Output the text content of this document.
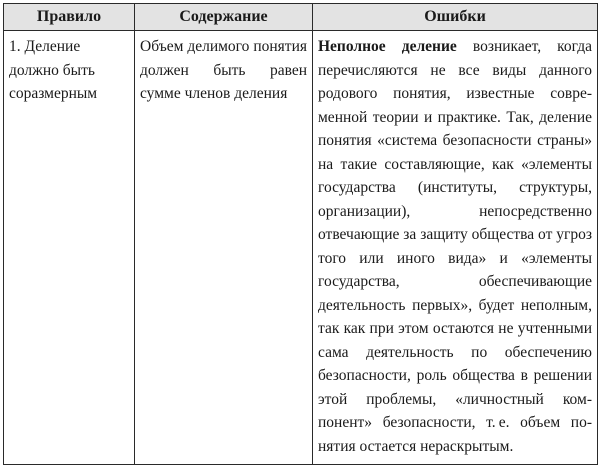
Правило	Содержание	Ошибки
1. Деление должно быть соразмерным	Объем делимого понятия должен быть равен сумме членов деления	Неполное деление возникает, когда перечисляются не все виды данного родового понятия, известные современной теории и практике. Так, деление понятия «система безопасности страны» на такие составляющие, как «элементы государства (институты, структуры, организации), непосредственно отвечающие за защиту общества от угроз того или иного вида» и «элементы государства, обеспечивающие деятельность первых», будет неполным, так как при этом остаются не учтенными сама деятельность по обеспечению безопасности, роль общества в решении этой проблемы, «личностный компонент» безопасности, т. е. объем понятия остается нераскрытым.
